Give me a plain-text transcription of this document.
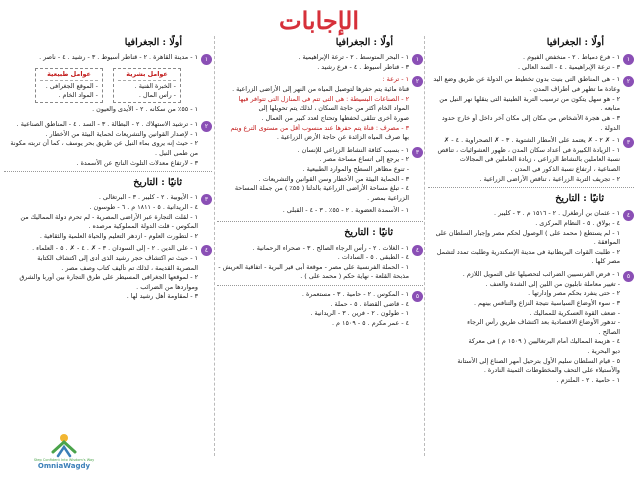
الإجابات
أولًا : الجغرافيا
١
١ - فرع دمياط . ٢ - منخفض الفيوم .
٣ - ترعة الإبراهيمية . ٤ - السد العالى .
٢
١ - هى المناطق التى بنيت بدون تخطيط من الدولة عن طريق وضع اليد
وعادة ما تظهر فى أطراف المدن .
٢ - هو سهل يتكون من ترسيب التربة الطينية التى ينقلها نهر النيل من
منابعه .
٣ - هى هجرة الأشخاص من مكان إلى مكان آخر داخل أو خارج حدود
الدولة .
٣
١ - ✗ ٢ - ✗ يعتمد على الأمطار الشتوية . ٣ - ✗ الصحراوية . ٤ - ✗
١ - الزيادة الكبيرة فى أعداد سكان المدن ، ظهور العشوائيات ، تناقص
نسبة العاملين بالنشاط الزراعى ، زيادة العاملين فى المجالات
الصناعية ، ارتفاع نسبة الذكور فى المدن .
٢ - تجريف التربة الزراعية ، تناقص الأراضى الزراعية .
ثانيًا : التاريخ
٤
١ - عثمان بن أرطغرل . ٢ - ١٥١٦ م . ٣ - كليبر .
٤ - بولاق . ٥ - النظام المركزى .
١ - لم يستطع ( محمد على ) الوصول لحكم مصر وإجبار السلطان على
الموافقة .
٢ - طلبت القوات البريطانية فى مدينة الإسكندرية وطلبت تمدد لتشمل
مصر كلها .
٥
١ - فرض الفرنسيين الضرائب لتحصيلها على التمويل اللازم .
- تغيير معاملة نابليون من اللين إلى الشدة والعنف .
٢ - حتى ينفرد بحكم مصر وإدارتها .
٣ - سوء الأوضاع السياسية نتيجة النزاع والتنافس بينهم .
- ضعف القوة العسكرية للمماليك .
- تدهور الأوضاع الاقتصادية بعد اكتشاف طريق رأس الرجاء
الصالح .
٤ - هزيمة المماليك أمام البرتغاليين ( ١٥٠٩ م ) فى معركة
ديو البحرية .
٥ - قيام السلطان سليم الأول بترحيل أمهر الصناع إلى الأستانة
والأستيلاء على التحف والمخطوطات الثمينة النادرة .
١ - حامية . ٢ - الملتزم .
أولًا : الجغرافيا
١
١ - البحر المتوسط . ٢ - ترعة الإبراهيمية .
٣ - قناطر أسيوط . ٤ - فرع رشيد .
٢
١ - ترعة :
قناة مائية يتم حفرها لتوصيل المياه من النهر إلى الأراضى الزراعية .
٢ - الصناعات البسيطة : هى التى تتم فى المنازل التى تتوافر فيها
المواد الخام أكثر من حاجة السكان ، لذلك يتم تحويلها إلى
صورة أخرى تتلقى لحفظها وتحتاج لعدد كبير من العمال .
٣ - مصرف : قناة يتم حفرها عند منسوب أقل من مستوى الترع ويتم
بها صرف المياه الزائدة عن حاجة الأرض الزراعية .
٣
١ - بسبب كثافة النشاط الزراعى للإنسان .
٢ - يرجع إلى اتساع مساحة مصر .
- تنوع مظاهر السطح والموارد الطبيعية .
٣ - الحماية البيئة من الأخطار وسن القوانين والتشريعات .
٤ - تبلغ مساحة الأراضى الزراعية بالدلتا ( ٥٥٪ ) من جملة المساحة
الزراعية بمصر .
١ - الأسمدة العضوية . ٢ - ٥٥٪ . ٣ - ٤ - القبلى .
ثانيًا : التاريخ
٤
١ - الغلات . ٢ - رأس الرجاء الصالح . ٣ - صحراء الرحمانية .
٤ - الطبقى . ٥ - السادات .
١ - الحملة الفرنسية على مصر - موقعة أبى قير البرية - اتفاقية العريش -
مذبحة القلعة - نهاية حكم ( محمد على ) .
٥
١ - المكوس . ٢ - حامية . ٣ - مستعمرة .
٤ - قاضى القضاة . ٥ - حملة .
١ - طولون . ٢ - فرين . ٣ - الريدانية .
٤ - عمر مكرم . ٥ - ١٥٠٩ م .
أولًا : الجغرافيا
١
١ - مدينة القاهرة . ٢ - قناطر أسيوط . ٣ - رشيد . ٤ - ناصر .
عوامل بشرية
- الخبرة الفنية .
- رأس المال .
عوامل طبيعية
- الموقع الجغرافى .
- المواد الخام .
١ - ٥٥٪ من سكانه . ٢ - الأيدى والعيون .
٢
١ - ترشيد الاستهلاك . ٢ - البطالة . ٣ - السد . ٤ - المناطق الصناعية .
١ - لإصدار القوانين والتشريعات لحماية البيئة من الأخطار .
٢ - حيث إنه يروى بماء النيل عن طريق بحر يوسف ، كما أن تربته مكونة
من طمى النيل .
٣ - لارتفاع معدلات التلوث الناتج عن الأسمدة .
ثانيًا : التاريخ
٣
١ - الأيوبية . ٢ - كليبر . ٣ - البرتغالى .
٤ - الريدانية . ٥ - ١٨١١ م . ٦ - طوسون .
١ - لقلت التجارة عبر الأراضى المصرية - لم تحرم دولة المماليك من
المكوس - قلت الدولة المملوكية مرصده .
٢ - لتطورت العلوم - ازدهر التعليم والحياة العلمية والثقافية .
٤
١ - على الدين . ٢ - إلى السودان . ٣ - ✗ . ٤ - ✗ . ٥ - العلماء .
١ - حيث تم اكتشاف حجر رشيد الذى أدى إلى اكتشاف الكتابة
المصرية القديمة ، لذلك تم تأليف كتاب وصف مصر .
٢ - لموقعها الجغرافى المسيطر على طرق التجارة بين أوربا والشرق
ومواردها من الضرائب .
٣ - لمقاومة أهل رشيد لها .
Step Confident Into Wisdom's Way
OmniaWagdy
